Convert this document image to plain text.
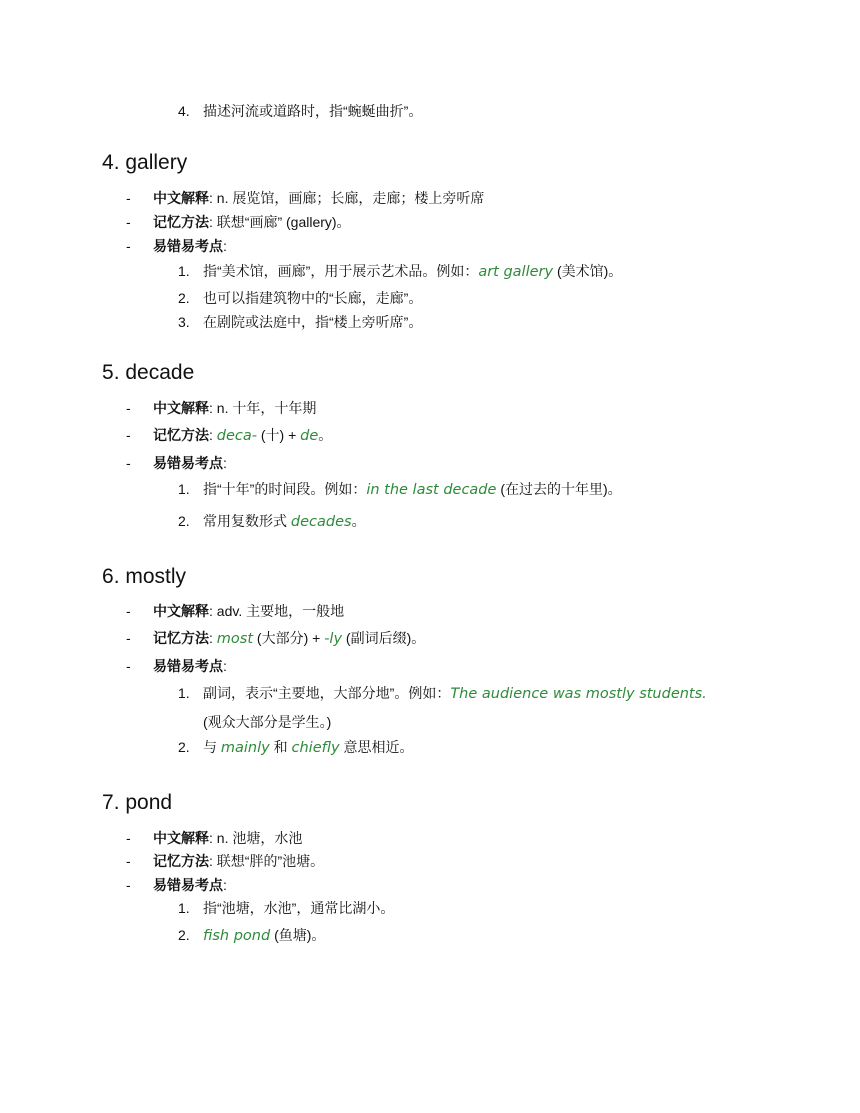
4. 描述河流或道路时，指“蜿蜒曲折”。
4 . gallery
- 中文解释: n. 展览馆，画廊；长廊，走廊；楼上旁听席
- 记忆方法: 联想“画廊” (gallery)。
- 易错易考点:
1. 指“美术馆，画廊”，用于展示艺术品。例如：art gallery (美术馆)。
2. 也可以指建筑物中的“长廊，走廊”。
3. 在剧院或法庭中，指“楼上旁听席”。
5 . decade
- 中文解释: n. 十年，十年期
- 记忆方法: deca- (十) + de。
- 易错易考点:
1. 指“十年”的时间段。例如：in the last decade (在过去的十年里)。
2. 常用复数形式 decades。
6 . mostly
- 中文解释: adv. 主要地，一般地
- 记忆方法: most (大部分) + -ly (副词后缀)。
- 易错易考点:
1. 副词，表示“主要地，大部分地”。例如：The audience was mostly students.
(观众大部分是学生。)
2. 与 mainly 和 chiefly 意思相近。
7 . pond
- 中文解释: n. 池塘，水池
- 记忆方法: 联想“胖的”池塘。
- 易错易考点:
1. 指“池塘，水池”，通常比湖小。
2. fish pond (鱼塘)。
